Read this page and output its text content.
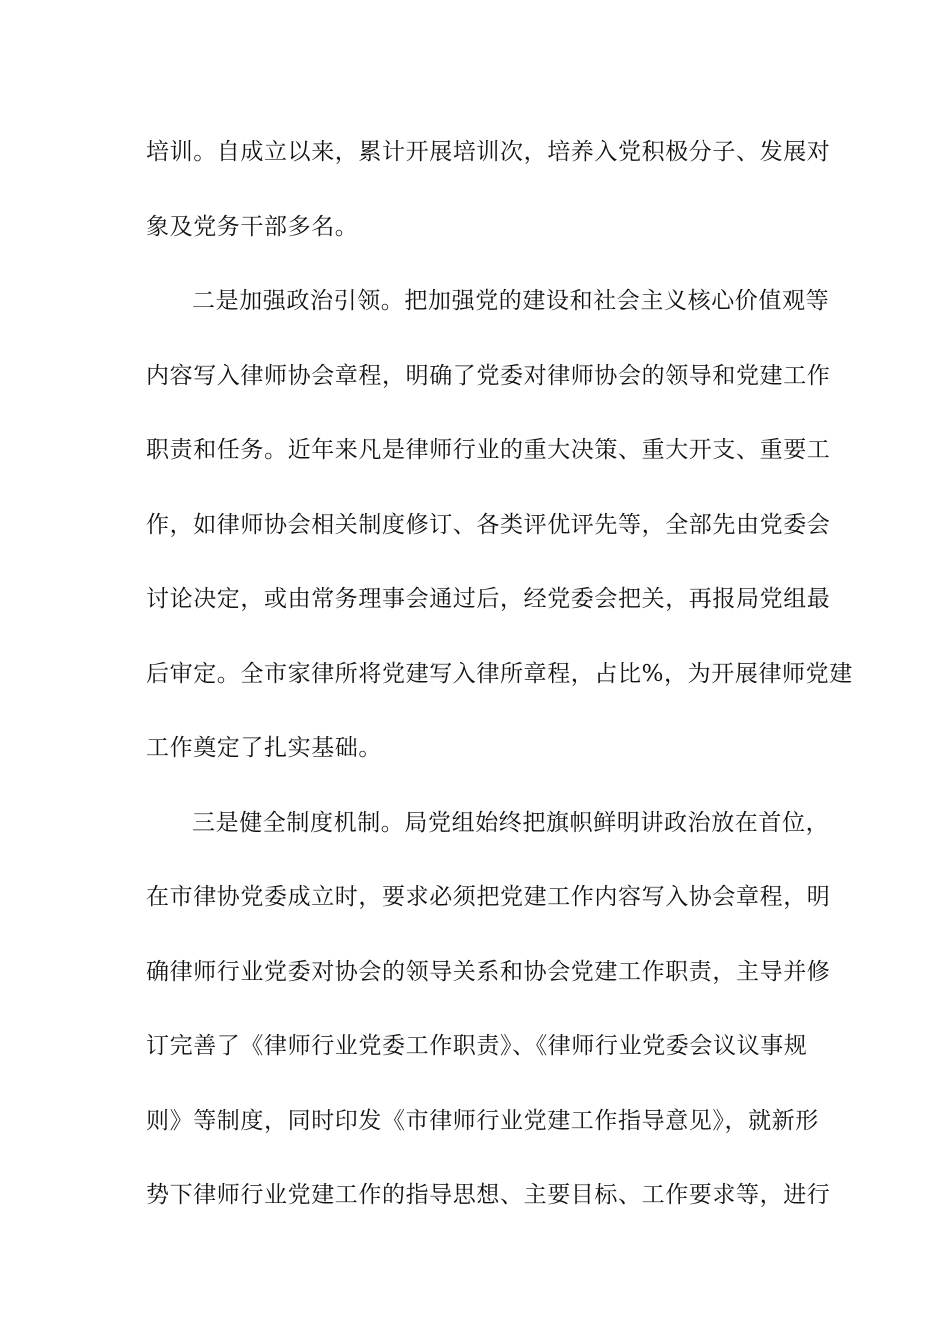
培训。自成立以来，累计开展培训次，培养入党积极分子、发展对
象及党务干部多名。
二是加强政治引领。把加强党的建设和社会主义核心价值观等
内容写入律师协会章程，明确了党委对律师协会的领导和党建工作
职责和任务。近年来凡是律师行业的重大决策、重大开支、重要工
作，如律师协会相关制度修订、各类评优评先等，全部先由党委会
讨论决定，或由常务理事会通过后，经党委会把关，再报局党组最
后审定。全市家律所将党建写入律所章程，占比%，为开展律师党建
工作奠定了扎实基础。
三是健全制度机制。局党组始终把旗帜鲜明讲政治放在首位，
在市律协党委成立时，要求必须把党建工作内容写入协会章程，明
确律师行业党委对协会的领导关系和协会党建工作职责，主导并修
订完善了《律师行业党委工作职责》、《律师行业党委会议议事规
则》等制度，同时印发《市律师行业党建工作指导意见》，就新形
势下律师行业党建工作的指导思想、主要目标、工作要求等，进行
